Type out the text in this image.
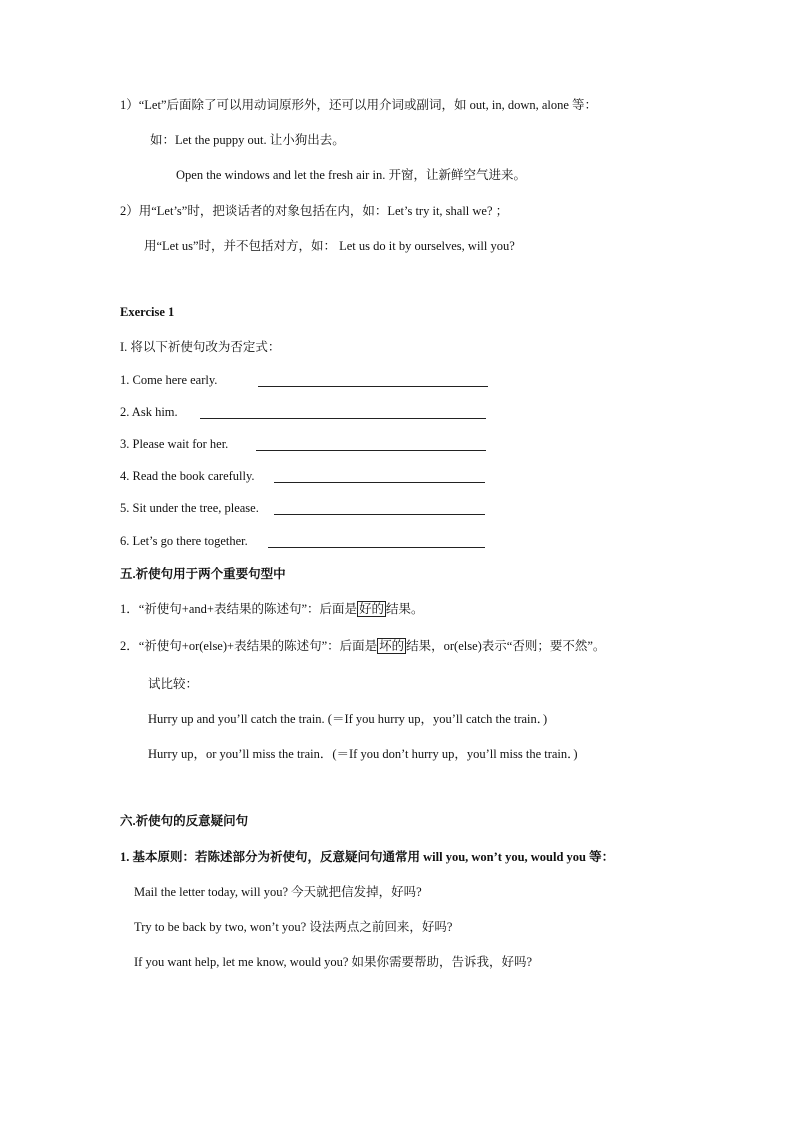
1）“Let”后面除了可以用动词原形外，还可以用介词或副词，如 out, in, down, alone 等：
如：Let the puppy out. 让小狗出去。
Open the windows and let the fresh air in. 开窗，让新鲜空气进来。
2）用“Let’s”时，把谈话者的对象包括在内，如：Let’s try it, shall we? ；
用“Let us”时，并不包括对方，如： Let us do it by ourselves, will you?
Exercise 1
I. 将以下祈使句改为否定式：
1. Come here early.
2. Ask him.
3. Please wait for her.
4. Read the book carefully.
5. Sit under the tree, please.
6. Let’s go there together.
五.祈使句用于两个重要句型中
1．“祈使句+and+表结果的陈述句”：后面是 好的 结果。
2．“祈使句+or(else)+表结果的陈述句”：后面是 坏的 结果，or(else)表示“否则；要不然”。
试比较：
Hurry up and you’ll catch the train. (＝If you hurry up，you’ll catch the train．)
Hurry up，or you’ll miss the train．(＝If you don’t hurry up，you’ll miss the train．)
六.祈使句的反意疑问句
1. 基本原则：若陈述部分为祈使句，反意疑问句通常用 will you, won’t you, would you 等：
Mail the letter today, will you? 今天就把信发掉，好吗?
Try to be back by two, won’t you? 设法两点之前回来，好吗?
If you want help, let me know, would you? 如果你需要帮助，告诉我，好吗?
